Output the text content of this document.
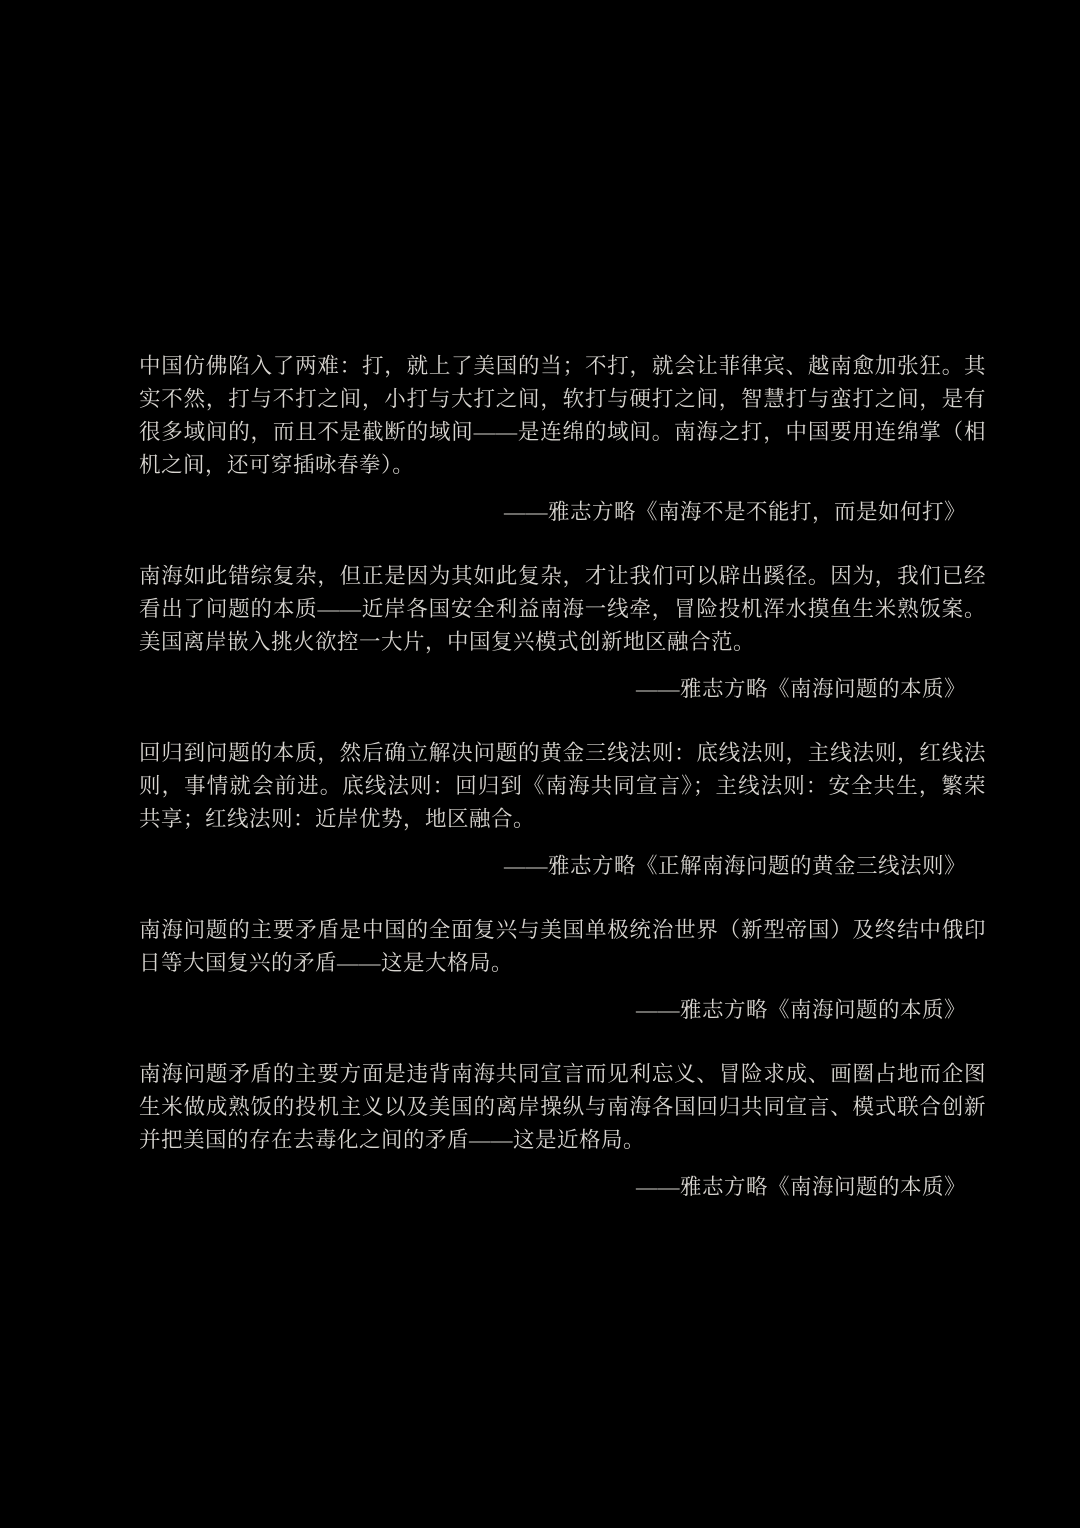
中国仿佛陷入了两难：打，就上了美国的当；不打，就会让菲律宾、越南愈加张狂。其实不然，打与不打之间，小打与大打之间，软打与硬打之间，智慧打与蛮打之间，是有很多域间的，而且不是截断的域间——是连绵的域间。南海之打，中国要用连绵掌（相机之间，还可穿插咏春拳）。

——雅志方略《南海不是不能打，而是如何打》

南海如此错综复杂，但正是因为其如此复杂，才让我们可以辟出蹊径。因为，我们已经看出了问题的本质——近岸各国安全利益南海一线牵，冒险投机浑水摸鱼生米熟饭案。美国离岸嵌入挑火欲控一大片，中国复兴模式创新地区融合范。

——雅志方略《南海问题的本质》

回归到问题的本质，然后确立解决问题的黄金三线法则：底线法则，主线法则，红线法则，事情就会前进。底线法则：回归到《南海共同宣言》；主线法则：安全共生，繁荣共享；红线法则：近岸优势，地区融合。

——雅志方略《正解南海问题的黄金三线法则》

南海问题的主要矛盾是中国的全面复兴与美国单极统治世界（新型帝国）及终结中俄印日等大国复兴的矛盾——这是大格局。

——雅志方略《南海问题的本质》

南海问题矛盾的主要方面是违背南海共同宣言而见利忘义、冒险求成、画圈占地而企图生米做成熟饭的投机主义以及美国的离岸操纵与南海各国回归共同宣言、模式联合创新并把美国的存在去毒化之间的矛盾——这是近格局。

——雅志方略《南海问题的本质》
